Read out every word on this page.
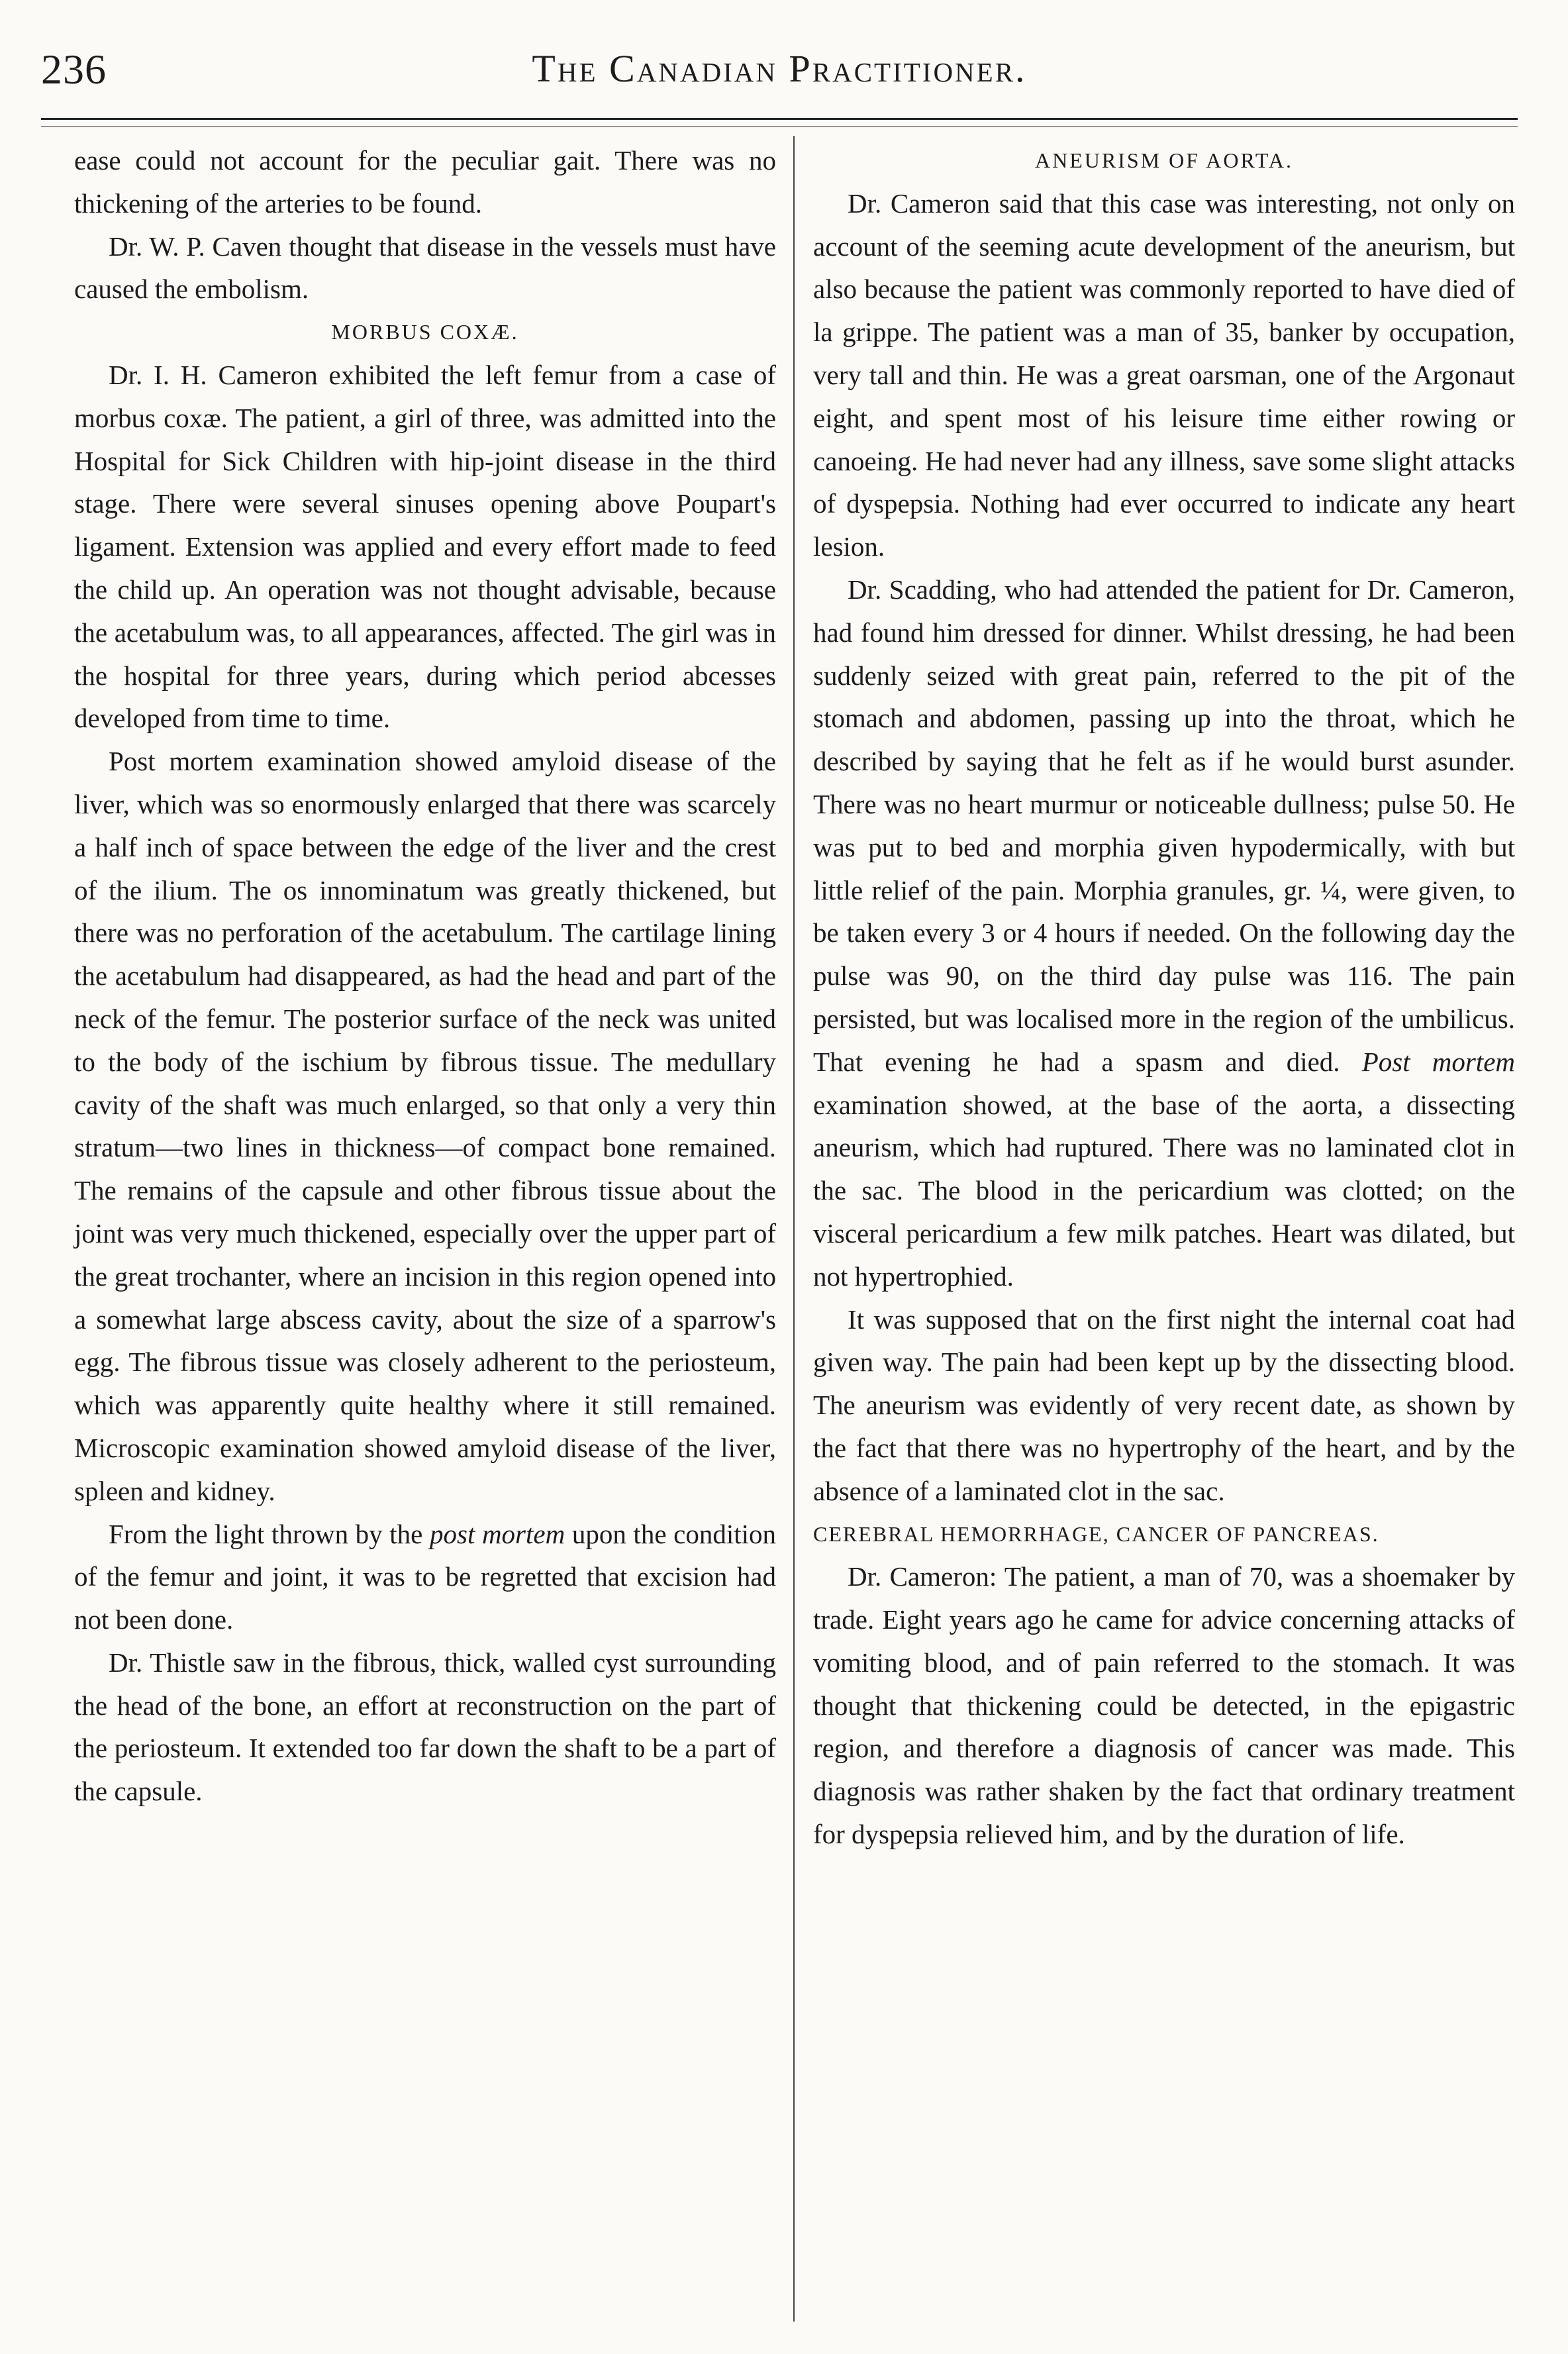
236	The Canadian Practitioner.

ease could not account for the peculiar gait. There was no thickening of the arteries to be found.

Dr. W. P. Caven thought that disease in the vessels must have caused the embolism.

MORBUS COXÆ.

Dr. I. H. Cameron exhibited the left femur from a case of morbus coxæ. The patient, a girl of three, was admitted into the Hospital for Sick Children with hip-joint disease in the third stage. There were several sinuses opening above Poupart's ligament. Extension was applied and every effort made to feed the child up. An operation was not thought advisable, because the acetabulum was, to all appearances, affected. The girl was in the hospital for three years, during which period abcesses developed from time to time.

Post mortem examination showed amyloid disease of the liver, which was so enormously enlarged that there was scarcely a half inch of space between the edge of the liver and the crest of the ilium. The os innominatum was greatly thickened, but there was no perforation of the acetabulum. The cartilage lining the acetabulum had disappeared, as had the head and part of the neck of the femur. The posterior surface of the neck was united to the body of the ischium by fibrous tissue. The medullary cavity of the shaft was much enlarged, so that only a very thin stratum—two lines in thickness—of compact bone remained. The remains of the capsule and other fibrous tissue about the joint was very much thickened, especially over the upper part of the great trochanter, where an incision in this region opened into a somewhat large abscess cavity, about the size of a sparrow's egg. The fibrous tissue was closely adherent to the periosteum, which was apparently quite healthy where it still remained. Microscopic examination showed amyloid disease of the liver, spleen and kidney.

From the light thrown by the post mortem upon the condition of the femur and joint, it was to be regretted that excision had not been done.

Dr. Thistle saw in the fibrous, thick, walled cyst surrounding the head of the bone, an effort at reconstruction on the part of the periosteum. It extended too far down the shaft to be a part of the capsule.

ANEURISM OF AORTA.

Dr. Cameron said that this case was interesting, not only on account of the seeming acute development of the aneurism, but also because the patient was commonly reported to have died of la grippe. The patient was a man of 35, banker by occupation, very tall and thin. He was a great oarsman, one of the Argonaut eight, and spent most of his leisure time either rowing or canoeing. He had never had any illness, save some slight attacks of dyspepsia. Nothing had ever occurred to indicate any heart lesion.

Dr. Scadding, who had attended the patient for Dr. Cameron, had found him dressed for dinner. Whilst dressing, he had been suddenly seized with great pain, referred to the pit of the stomach and abdomen, passing up into the throat, which he described by saying that he felt as if he would burst asunder. There was no heart murmur or noticeable dullness; pulse 50. He was put to bed and morphia given hypodermically, with but little relief of the pain. Morphia granules, gr. ¼, were given, to be taken every 3 or 4 hours if needed. On the following day the pulse was 90, on the third day pulse was 116. The pain persisted, but was localised more in the region of the umbilicus. That evening he had a spasm and died. Post mortem examination showed, at the base of the aorta, a dissecting aneurism, which had ruptured. There was no laminated clot in the sac. The blood in the pericardium was clotted; on the visceral pericardium a few milk patches. Heart was dilated, but not hypertrophied.

It was supposed that on the first night the internal coat had given way. The pain had been kept up by the dissecting blood. The aneurism was evidently of very recent date, as shown by the fact that there was no hypertrophy of the heart, and by the absence of a laminated clot in the sac.

CEREBRAL HEMORRHAGE, CANCER OF PANCREAS.

Dr. Cameron: The patient, a man of 70, was a shoemaker by trade. Eight years ago he came for advice concerning attacks of vomiting blood, and of pain referred to the stomach. It was thought that thickening could be detected, in the epigastric region, and therefore a diagnosis of cancer was made. This diagnosis was rather shaken by the fact that ordinary treatment for dyspepsia relieved him, and by the duration of life.
